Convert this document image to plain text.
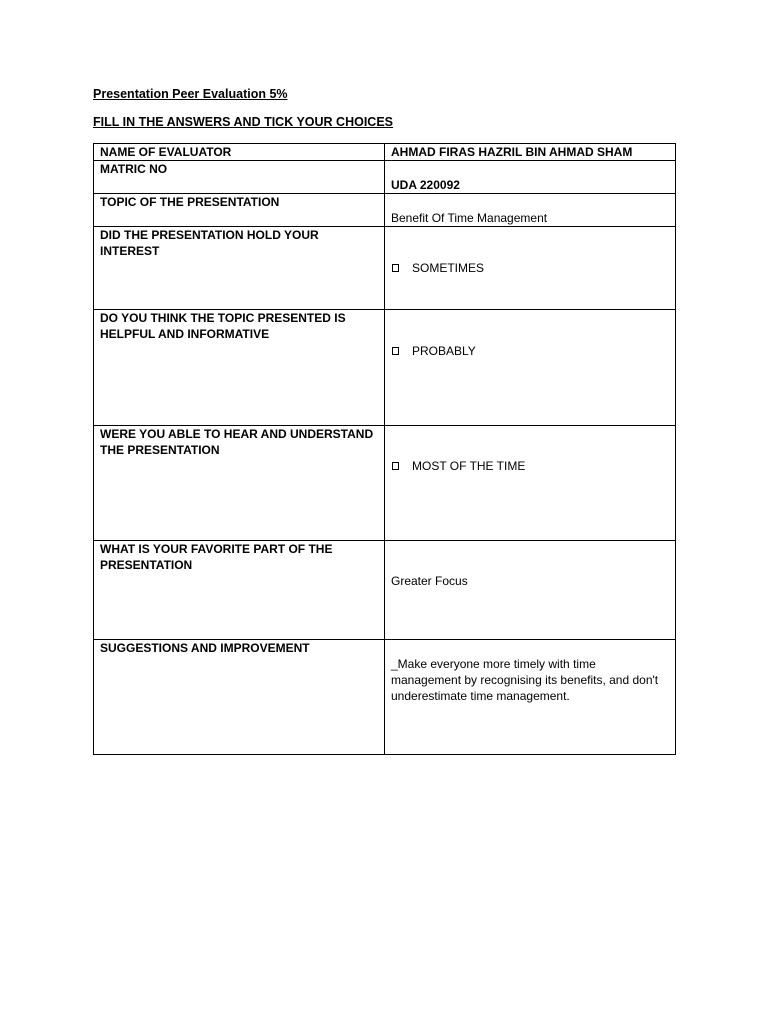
Presentation Peer Evaluation 5%
FILL IN THE ANSWERS AND TICK YOUR CHOICES
NAME OF EVALUATOR	AHMAD FIRAS HAZRIL BIN AHMAD SHAM
MATRIC NO	UDA 220092
TOPIC OF THE PRESENTATION	Benefit Of Time Management
DID THE PRESENTATION HOLD YOUR INTEREST	SOMETIMES

DO YOU THINK THE TOPIC PRESENTED IS HELPFUL AND INFORMATIVE	PROBABLY

WERE YOU ABLE TO HEAR AND UNDERSTAND THE PRESENTATION	MOST OF THE TIME

WHAT IS YOUR FAVORITE PART OF THE PRESENTATION	Greater Focus
SUGGESTIONS AND IMPROVEMENT	_Make everyone more timely with time management by recognising its benefits, and don't underestimate time management.
